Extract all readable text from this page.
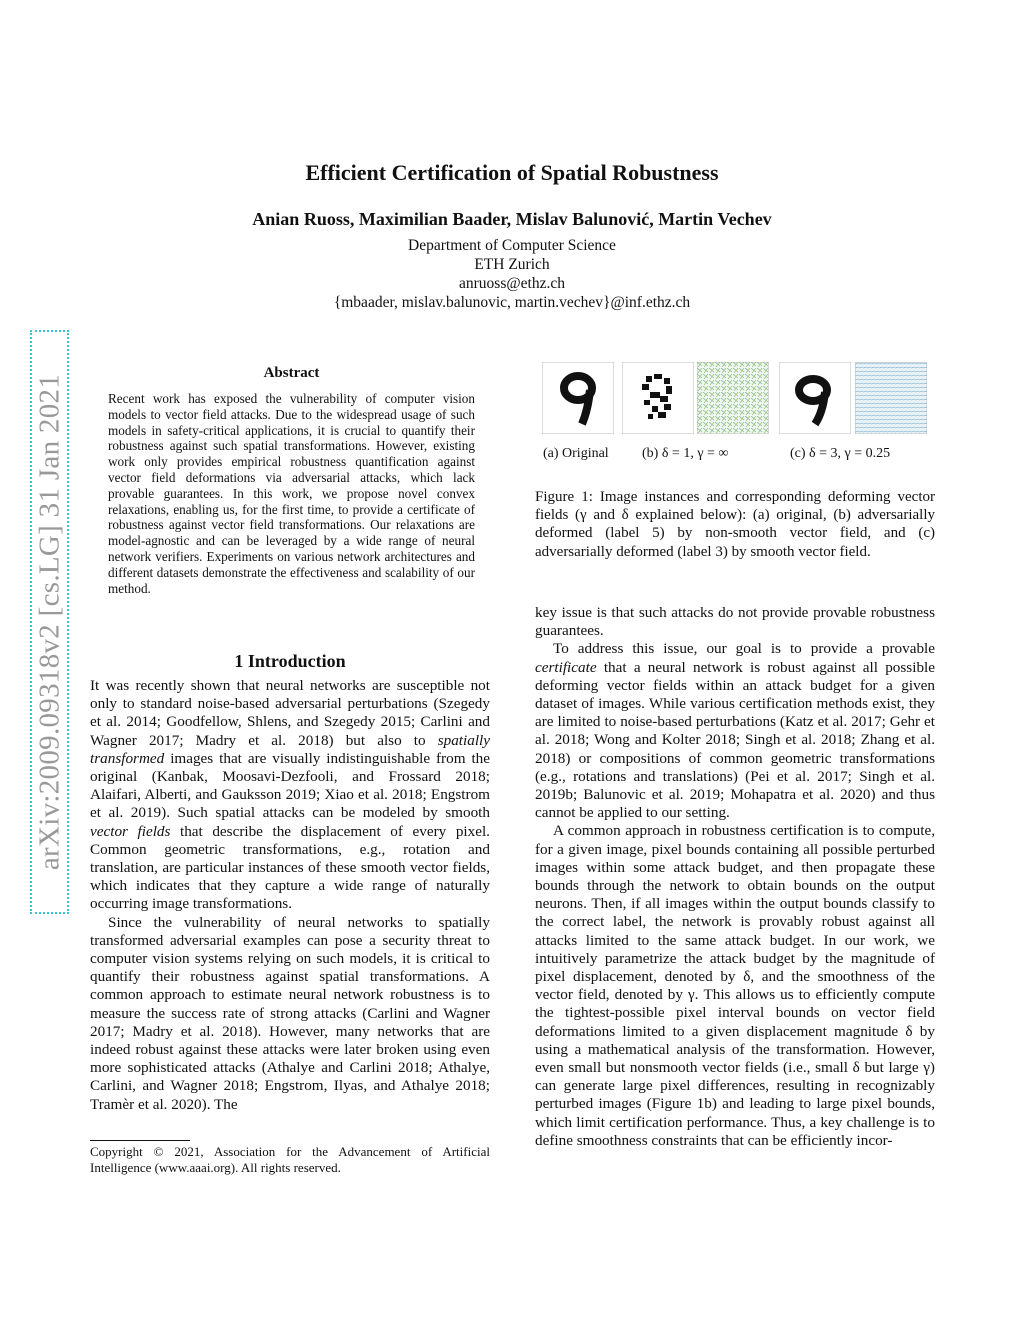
Efficient Certification of Spatial Robustness
Anian Ruoss, Maximilian Baader, Mislav Balunović, Martin Vechev
Department of Computer Science
ETH Zurich
anruoss@ethz.ch
{mbaader, mislav.balunovic, martin.vechev}@inf.ethz.ch
arXiv:2009.09318v2 [cs.LG] 31 Jan 2021
Abstract
Recent work has exposed the vulnerability of computer vision models to vector field attacks. Due to the widespread usage of such models in safety-critical applications, it is crucial to quantify their robustness against such spatial transformations. However, existing work only provides empirical robustness quantification against vector field deformations via adversarial attacks, which lack provable guarantees. In this work, we propose novel convex relaxations, enabling us, for the first time, to provide a certificate of robustness against vector field transformations. Our relaxations are model-agnostic and can be leveraged by a wide range of neural network verifiers. Experiments on various network architectures and different datasets demonstrate the effectiveness and scalability of our method.
1 Introduction

It was recently shown that neural networks are susceptible not only to standard noise-based adversarial perturbations (Szegedy et al. 2014; Goodfellow, Shlens, and Szegedy 2015; Carlini and Wagner 2017; Madry et al. 2018) but also to spatially transformed images that are visually indistinguishable from the original (Kanbak, Moosavi-Dezfooli, and Frossard 2018; Alaifari, Alberti, and Gauksson 2019; Xiao et al. 2018; Engstrom et al. 2019). Such spatial attacks can be modeled by smooth vector fields that describe the displacement of every pixel. Common geometric transformations, e.g., rotation and translation, are particular instances of these smooth vector fields, which indicates that they capture a wide range of naturally occurring image transformations.

Since the vulnerability of neural networks to spatially transformed adversarial examples can pose a security threat to computer vision systems relying on such models, it is critical to quantify their robustness against spatial transformations. A common approach to estimate neural network robustness is to measure the success rate of strong attacks (Carlini and Wagner 2017; Madry et al. 2018). However, many networks that are indeed robust against these attacks were later broken using even more sophisticated attacks (Athalye and Carlini 2018; Athalye, Carlini, and Wagner 2018; Engstrom, Ilyas, and Athalye 2018; Tramèr et al. 2020). The

Copyright © 2021, Association for the Advancement of Artificial Intelligence (www.aaai.org). All rights reserved.
(a) Original (b) δ = 1, γ = ∞	(c) δ = 3, γ = 0.25
Figure 1: Image instances and corresponding deforming vector fields (γ and δ explained below): (a) original, (b) adversarially deformed (label 5) by non-smooth vector field, and (c) adversarially deformed (label 3) by smooth vector field.

key issue is that such attacks do not provide provable robustness guarantees.

To address this issue, our goal is to provide a provable certificate that a neural network is robust against all possible deforming vector fields within an attack budget for a given dataset of images. While various certification methods exist, they are limited to noise-based perturbations (Katz et al. 2017; Gehr et al. 2018; Wong and Kolter 2018; Singh et al. 2018; Zhang et al. 2018) or compositions of common geometric transformations (e.g., rotations and translations) (Pei et al. 2017; Singh et al. 2019b; Balunovic et al. 2019; Mohapatra et al. 2020) and thus cannot be applied to our setting.

A common approach in robustness certification is to compute, for a given image, pixel bounds containing all possible perturbed images within some attack budget, and then propagate these bounds through the network to obtain bounds on the output neurons. Then, if all images within the output bounds classify to the correct label, the network is provably robust against all attacks limited to the same attack budget. In our work, we intuitively parametrize the attack budget by the magnitude of pixel displacement, denoted by δ, and the smoothness of the vector field, denoted by γ. This allows us to efficiently compute the tightest-possible pixel interval bounds on vector field deformations limited to a given displacement magnitude δ by using a mathematical analysis of the transformation. However, even small but nonsmooth vector fields (i.e., small δ but large γ) can generate large pixel differences, resulting in recognizably perturbed images (Figure 1b) and leading to large pixel bounds, which limit certification performance. Thus, a key challenge is to define smoothness constraints that can be efficiently incor-
